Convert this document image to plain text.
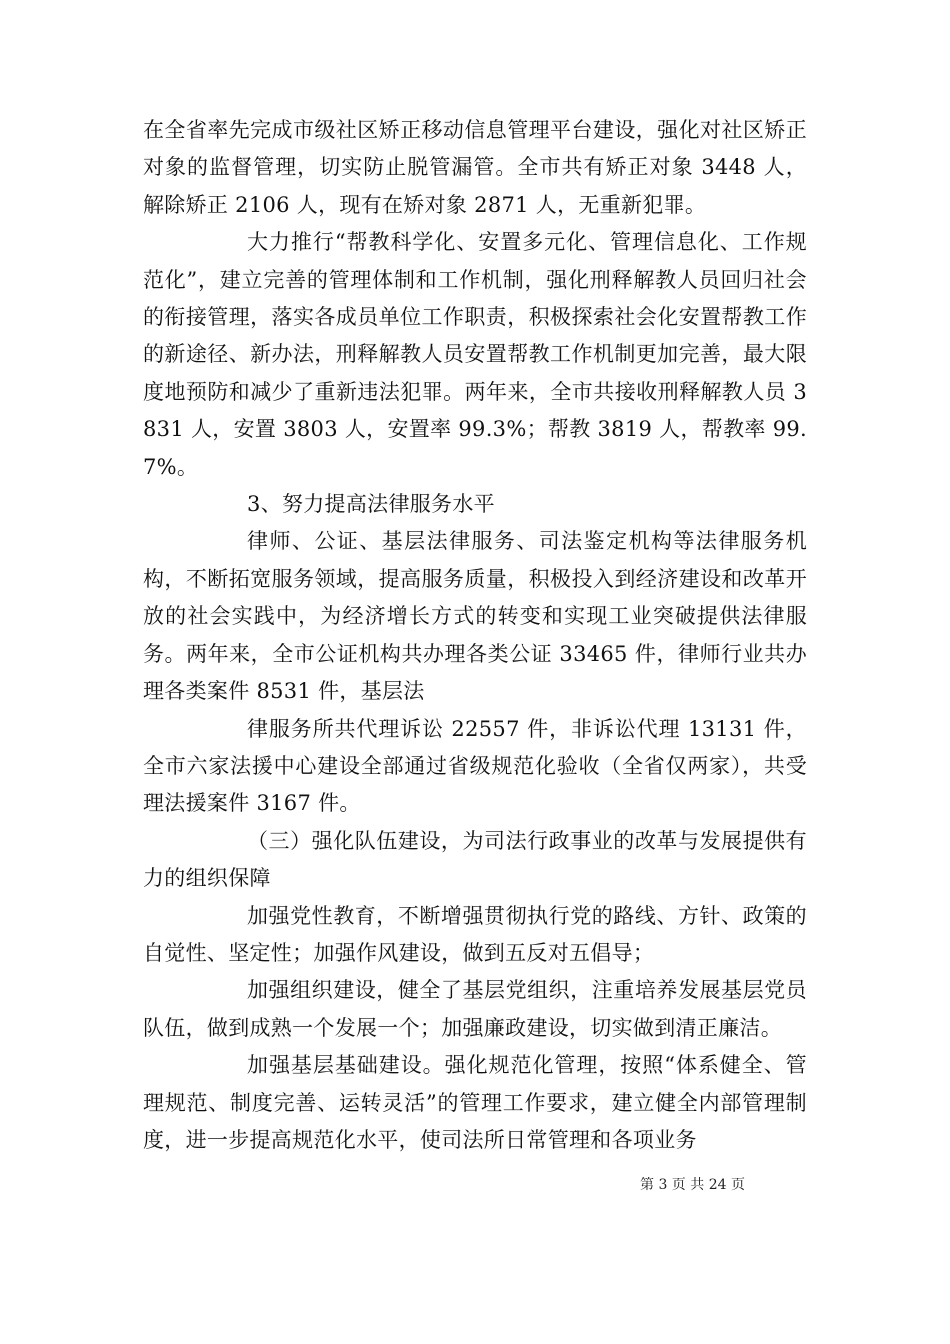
在全省率先完成市级社区矫正移动信息管理平台建设，强化对社区矫正对象的监督管理，切实防止脱管漏管。全市共有矫正对象 3448 人，解除矫正 2106 人，现有在矫对象 2871 人，无重新犯罪。

大力推行“帮教科学化、安置多元化、管理信息化、工作规范化”，建立完善的管理体制和工作机制，强化刑释解教人员回归社会的衔接管理，落实各成员单位工作职责，积极探索社会化安置帮教工作的新途径、新办法，刑释解教人员安置帮教工作机制更加完善，最大限度地预防和减少了重新违法犯罪。两年来，全市共接收刑释解教人员 3831 人，安置 3803 人，安置率 99.3%；帮教 3819 人，帮教率 99.7%。

3、努力提高法律服务水平

律师、公证、基层法律服务、司法鉴定机构等法律服务机构，不断拓宽服务领域，提高服务质量，积极投入到经济建设和改革开放的社会实践中，为经济增长方式的转变和实现工业突破提供法律服务。两年来，全市公证机构共办理各类公证 33465 件，律师行业共办理各类案件 8531 件，基层法

律服务所共代理诉讼 22557 件，非诉讼代理 13131 件，全市六家法援中心建设全部通过省级规范化验收（全省仅两家），共受理法援案件 3167 件。

（三）强化队伍建设，为司法行政事业的改革与发展提供有力的组织保障

加强党性教育，不断增强贯彻执行党的路线、方针、政策的自觉性、坚定性；加强作风建设，做到五反对五倡导；

加强组织建设，健全了基层党组织，注重培养发展基层党员队伍，做到成熟一个发展一个；加强廉政建设，切实做到清正廉洁。

加强基层基础建设。强化规范化管理，按照“体系健全、管理规范、制度完善、运转灵活”的管理工作要求，建立健全内部管理制度，进一步提高规范化水平，使司法所日常管理和各项业务

第 3 页 共 24 页
